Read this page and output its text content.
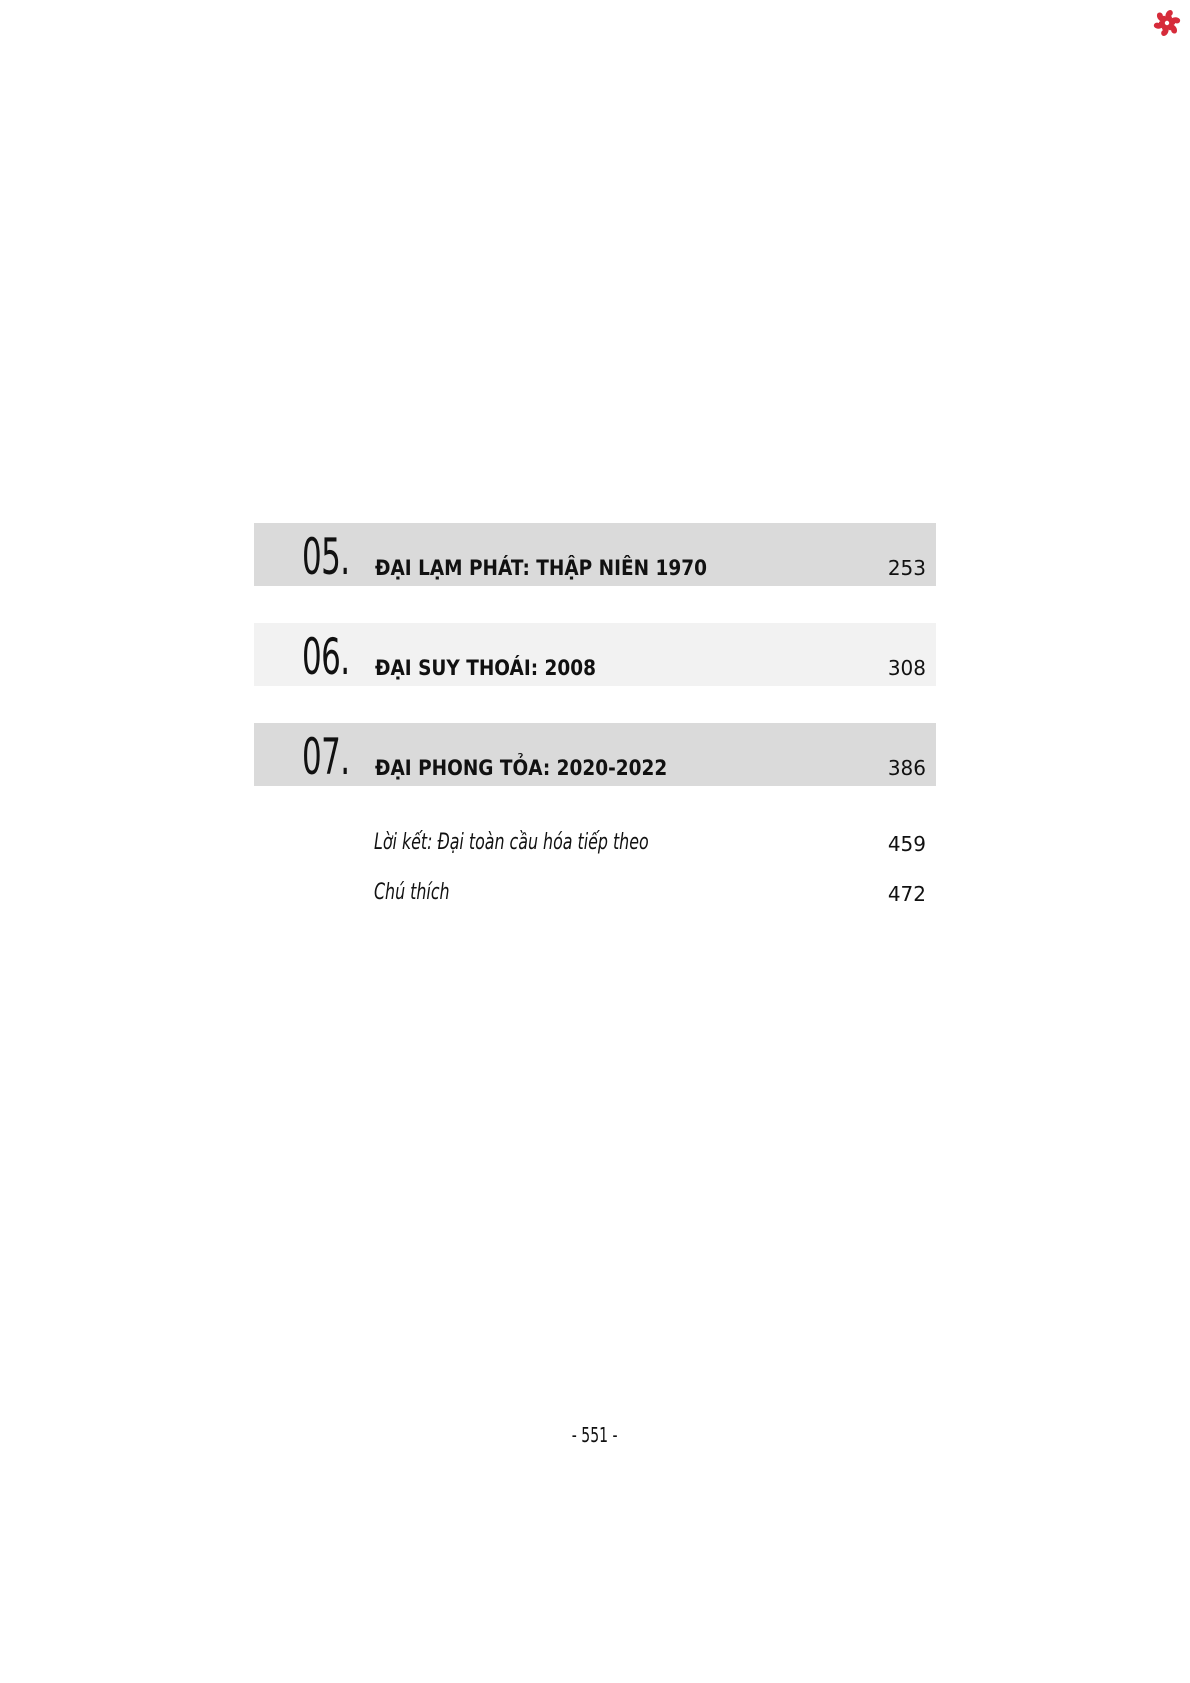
05. ĐẠI LẠM PHÁT: THẬP NIÊN 1970	253
06. ĐẠI SUY THOÁI: 2008	308
07. ĐẠI PHONG TỎA: 2020-2022	386
Lời kết: Đại toàn cầu hóa tiếp theo	459
Chú thích	472
- 551 -
